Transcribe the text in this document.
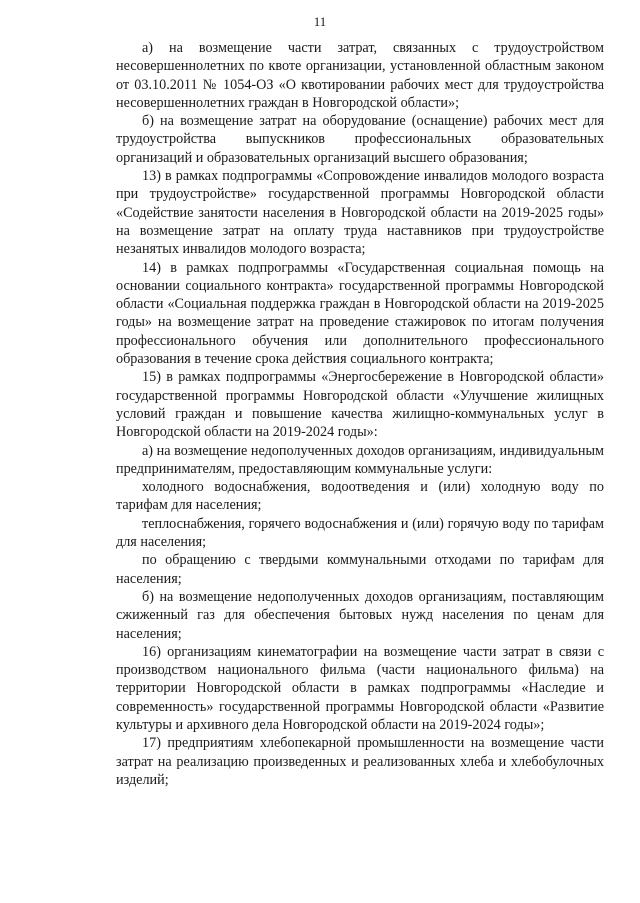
11

а) на возмещение части затрат, связанных с трудоустройством несовершеннолетних по квоте организации, установленной областным законом от 03.10.2011 № 1054-ОЗ «О квотировании рабочих мест для трудоустройства несовершеннолетних граждан в Новгородской области»;

б) на возмещение затрат на оборудование (оснащение) рабочих мест для трудоустройства выпускников профессиональных образовательных организаций и образовательных организаций высшего образования;

13) в рамках подпрограммы «Сопровождение инвалидов молодого возраста при трудоустройстве» государственной программы Новгородской области «Содействие занятости населения в Новгородской области на 2019-2025 годы» на возмещение затрат на оплату труда наставников при трудоустройстве незанятых инвалидов молодого возраста;

14) в рамках подпрограммы «Государственная социальная помощь на основании социального контракта» государственной программы Новгородской области «Социальная поддержка граждан в Новгородской области на 2019-2025 годы» на возмещение затрат на проведение стажировок по итогам получения профессионального обучения или дополнительного профессионального образования в течение срока действия социального контракта;

15) в рамках подпрограммы «Энергосбережение в Новгородской области» государственной программы Новгородской области «Улучшение жилищных условий граждан и повышение качества жилищно-коммунальных услуг в Новгородской области на 2019-2024 годы»:

а) на возмещение недополученных доходов организациям, индивидуальным предпринимателям, предоставляющим коммунальные услуги:

холодного водоснабжения, водоотведения и (или) холодную воду по тарифам для населения;

теплоснабжения, горячего водоснабжения и (или) горячую воду по тарифам для населения;

по обращению с твердыми коммунальными отходами по тарифам для населения;

б) на возмещение недополученных доходов организациям, поставляющим сжиженный газ для обеспечения бытовых нужд населения по ценам для населения;

16) организациям кинематографии на возмещение части затрат в связи с производством национального фильма (части национального фильма) на территории Новгородской области в рамках подпрограммы «Наследие и современность» государственной программы Новгородской области «Развитие культуры и архивного дела Новгородской области на 2019-2024 годы»;

17) предприятиям хлебопекарной промышленности на возмещение части затрат на реализацию произведенных и реализованных хлеба и хлебобулочных изделий;
